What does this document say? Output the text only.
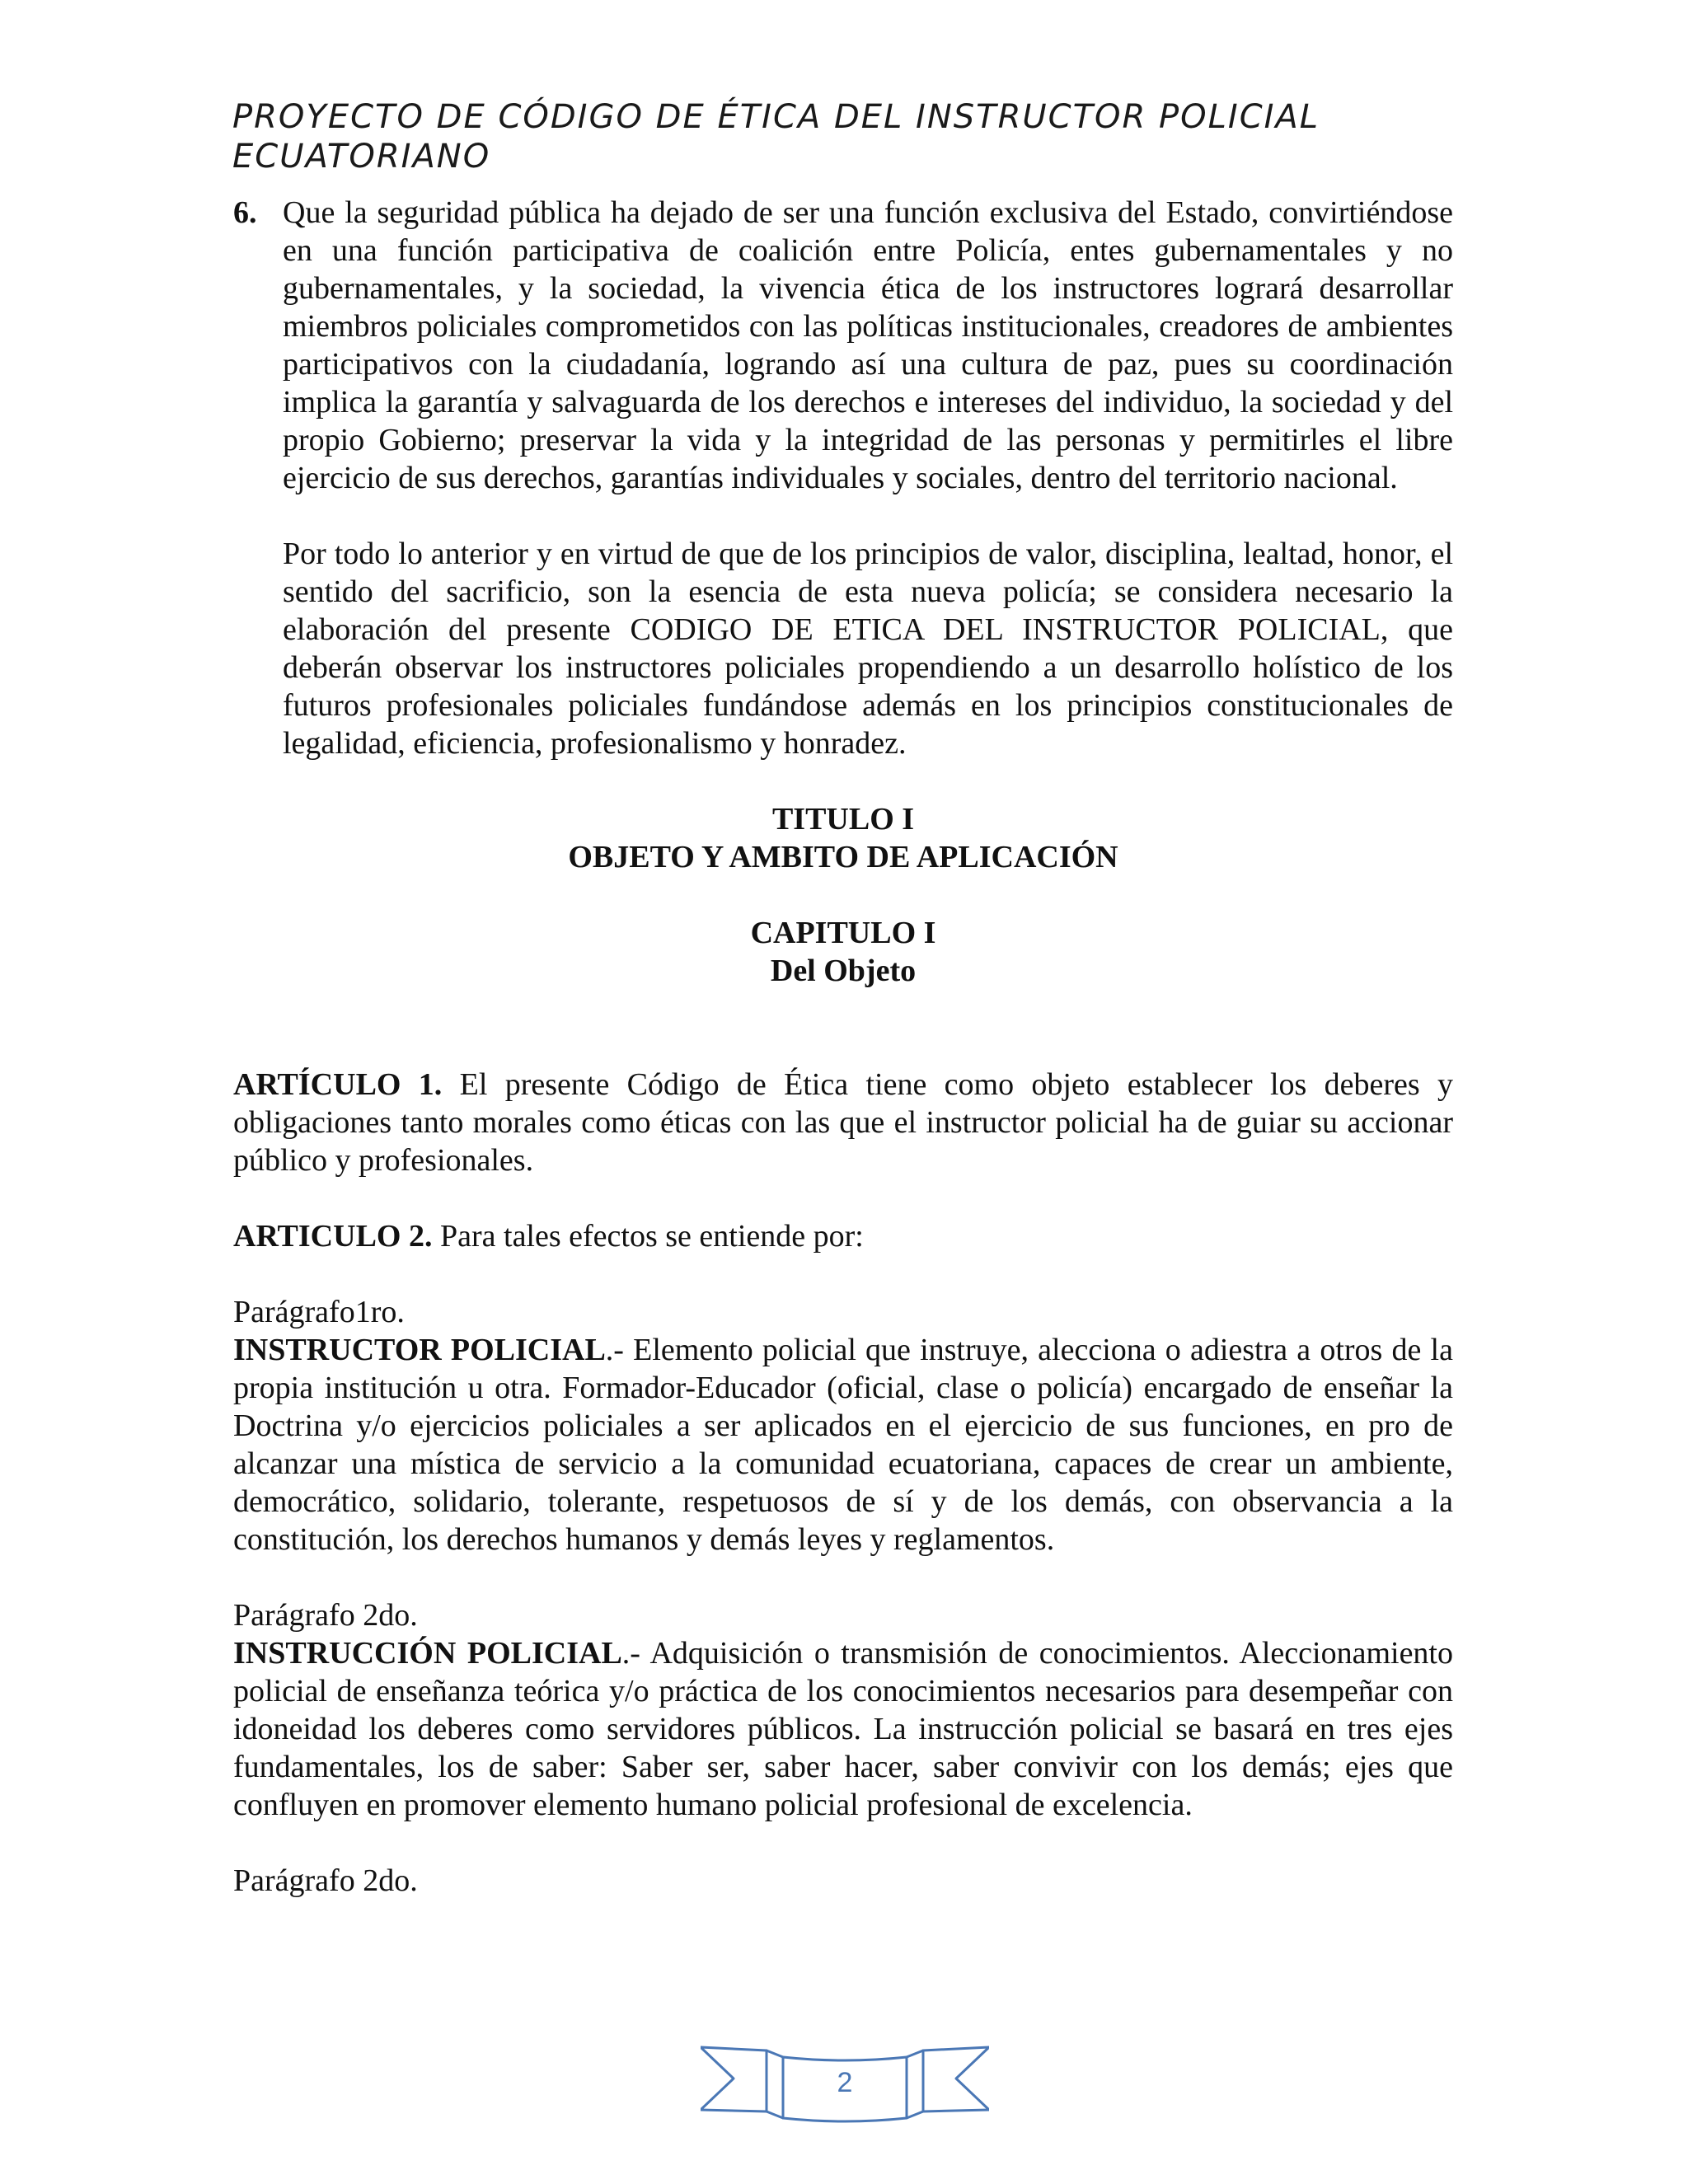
PROYECTO DE CÓDIGO DE ÉTICA DEL INSTRUCTOR POLICIAL
ECUATORIANO
6. Que la seguridad pública ha dejado de ser una función exclusiva del Estado, convirtiéndose en una función participativa de coalición entre Policía, entes gubernamentales y no gubernamentales, y la sociedad, la vivencia ética de los instructores logrará desarrollar miembros policiales comprometidos con las políticas institucionales, creadores de ambientes participativos con la ciudadanía, logrando así una cultura de paz, pues su coordinación implica la garantía y salvaguarda de los derechos e intereses del individuo, la sociedad y del propio Gobierno; preservar la vida y la integridad de las personas y permitirles el libre ejercicio de sus derechos, garantías individuales y sociales, dentro del territorio nacional.
Por todo lo anterior y en virtud de que de los principios de valor, disciplina, lealtad, honor, el sentido del sacrificio, son la esencia de esta nueva policía; se considera necesario la elaboración del presente CODIGO DE ETICA DEL INSTRUCTOR POLICIAL, que deberán observar los instructores policiales propendiendo a un desarrollo holístico de los futuros profesionales policiales fundándose además en los principios constitucionales de legalidad, eficiencia, profesionalismo y honradez.
TITULO I
OBJETO Y AMBITO DE APLICACIÓN
CAPITULO I
Del Objeto
ARTÍCULO 1. El presente Código de Ética tiene como objeto establecer los deberes y obligaciones tanto morales como éticas con las que el instructor policial ha de guiar su accionar público y profesionales.
ARTICULO 2. Para tales efectos se entiende por:
Parágrafo1ro.
INSTRUCTOR POLICIAL.- Elemento policial que instruye, alecciona o adiestra a otros de la propia institución u otra. Formador-Educador (oficial, clase o policía) encargado de enseñar la Doctrina y/o ejercicios policiales a ser aplicados en el ejercicio de sus funciones, en pro de alcanzar una mística de servicio a la comunidad ecuatoriana, capaces de crear un ambiente, democrático, solidario, tolerante, respetuosos de sí y de los demás, con observancia a la constitución, los derechos humanos y demás leyes y reglamentos.
Parágrafo 2do.
INSTRUCCIÓN POLICIAL.- Adquisición o transmisión de conocimientos. Aleccionamiento policial de enseñanza teórica y/o práctica de los conocimientos necesarios para desempeñar con idoneidad los deberes como servidores públicos. La instrucción policial se basará en tres ejes fundamentales, los de saber: Saber ser, saber hacer, saber convivir con los demás; ejes que confluyen en promover elemento humano policial profesional de excelencia.
Parágrafo 2do.
2
